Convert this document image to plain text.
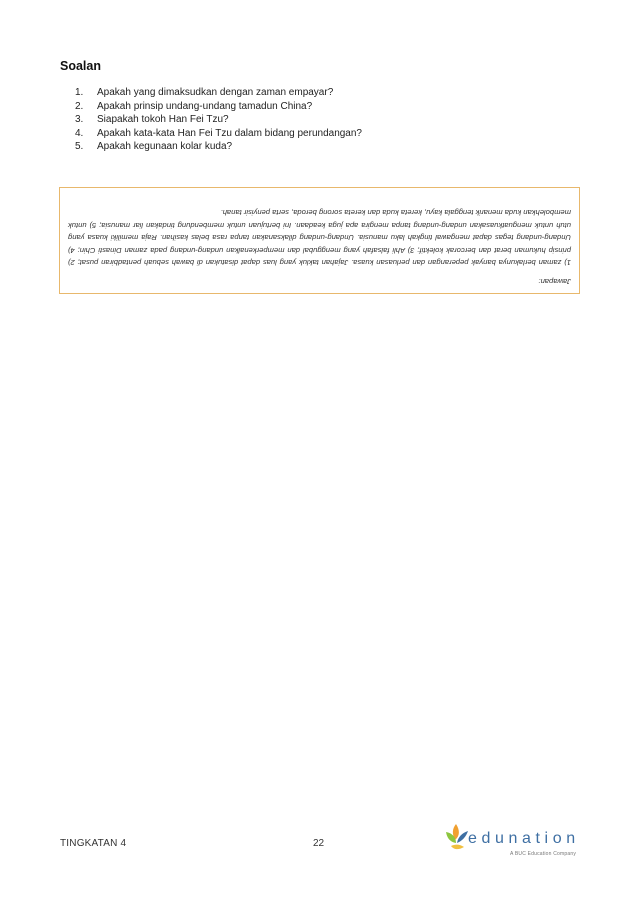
Soalan
1.	Apakah yang dimaksudkan dengan zaman empayar?
2.	Apakah prinsip undang-undang tamadun China?
3.	Siapakah tokoh Han Fei Tzu?
4.	Apakah kata-kata Han Fei Tzu dalam bidang perundangan?
5.	Apakah kegunaan kolar kuda?

Jawapan:

1) zaman berlakunya banyak peperangan dan perluasan kuasa. Jajahan takluk yang luas dapat disatukan di bawah sebuah pentadbiran pusat; 2) prinsip hukuman berat dan bercorak kolektif; 3) Ahli falsafah yang menggubal dan memperkenalkan undang-undang pada zaman Dinasti Chin; 4) Undang-undang tegas dapat mengawal tingkah laku manusia. Undang-undang dilaksanakan tanpa rasa belas kasihan. Raja memiliki kuasa yang utuh untuk menguatkuasakan undang-undang tanpa mengira apa juga keadaan. Ini bertujuan untuk membendung tindakan liar manusia; 5) untuk membolehkan kuda menarik tenggala kayu, kereta kuda dan kereta sorong beroda, serta penyisir tanah.

TINGKATAN 4	22	edunation
A BUC Education Company
